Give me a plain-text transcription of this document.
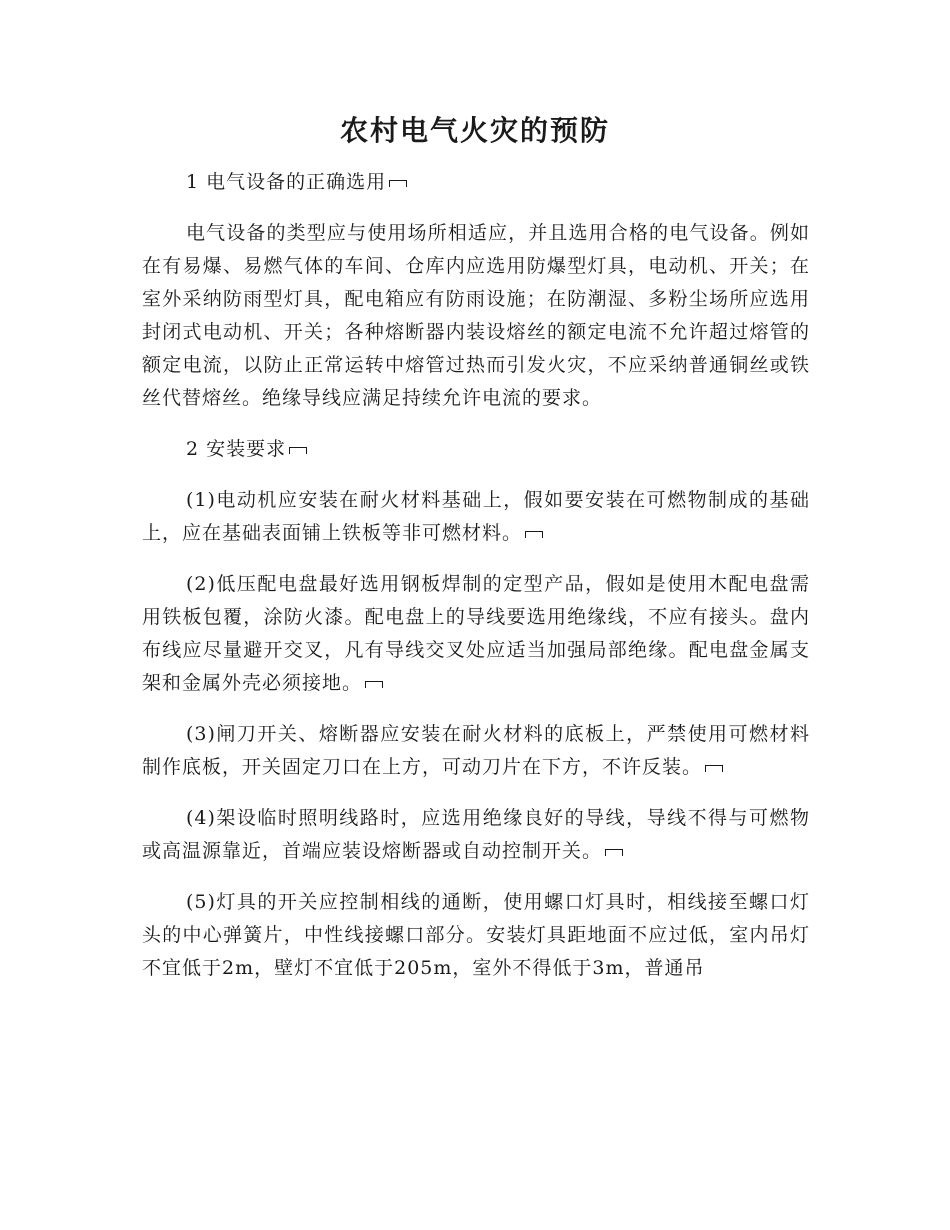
农村电气火灾的预防

1 电气设备的正确选用

电气设备的类型应与使用场所相适应，并且选用合格的电气设备。例如在有易爆、易燃气体的车间、仓库内应选用防爆型灯具，电动机、开关；在室外采纳防雨型灯具，配电箱应有防雨设施；在防潮湿、多粉尘场所应选用封闭式电动机、开关；各种熔断器内装设熔丝的额定电流不允许超过熔管的额定电流，以防止正常运转中熔管过热而引发火灾，不应采纳普通铜丝或铁丝代替熔丝。绝缘导线应满足持续允许电流的要求。

2 安装要求

(1)电动机应安装在耐火材料基础上，假如要安装在可燃物制成的基础上，应在基础表面铺上铁板等非可燃材料。

(2)低压配电盘最好选用钢板焊制的定型产品，假如是使用木配电盘需用铁板包覆，涂防火漆。配电盘上的导线要选用绝缘线，不应有接头。盘内布线应尽量避开交叉，凡有导线交叉处应适当加强局部绝缘。配电盘金属支架和金属外壳必须接地。

(3)闸刀开关、熔断器应安装在耐火材料的底板上，严禁使用可燃材料制作底板，开关固定刀口在上方，可动刀片在下方，不许反装。

(4)架设临时照明线路时，应选用绝缘良好的导线，导线不得与可燃物或高温源靠近，首端应装设熔断器或自动控制开关。

(5)灯具的开关应控制相线的通断，使用螺口灯具时，相线接至螺口灯头的中心弹簧片，中性线接螺口部分。安装灯具距地面不应过低，室内吊灯不宜低于2m，壁灯不宜低于205m，室外不得低于3m，普通吊
